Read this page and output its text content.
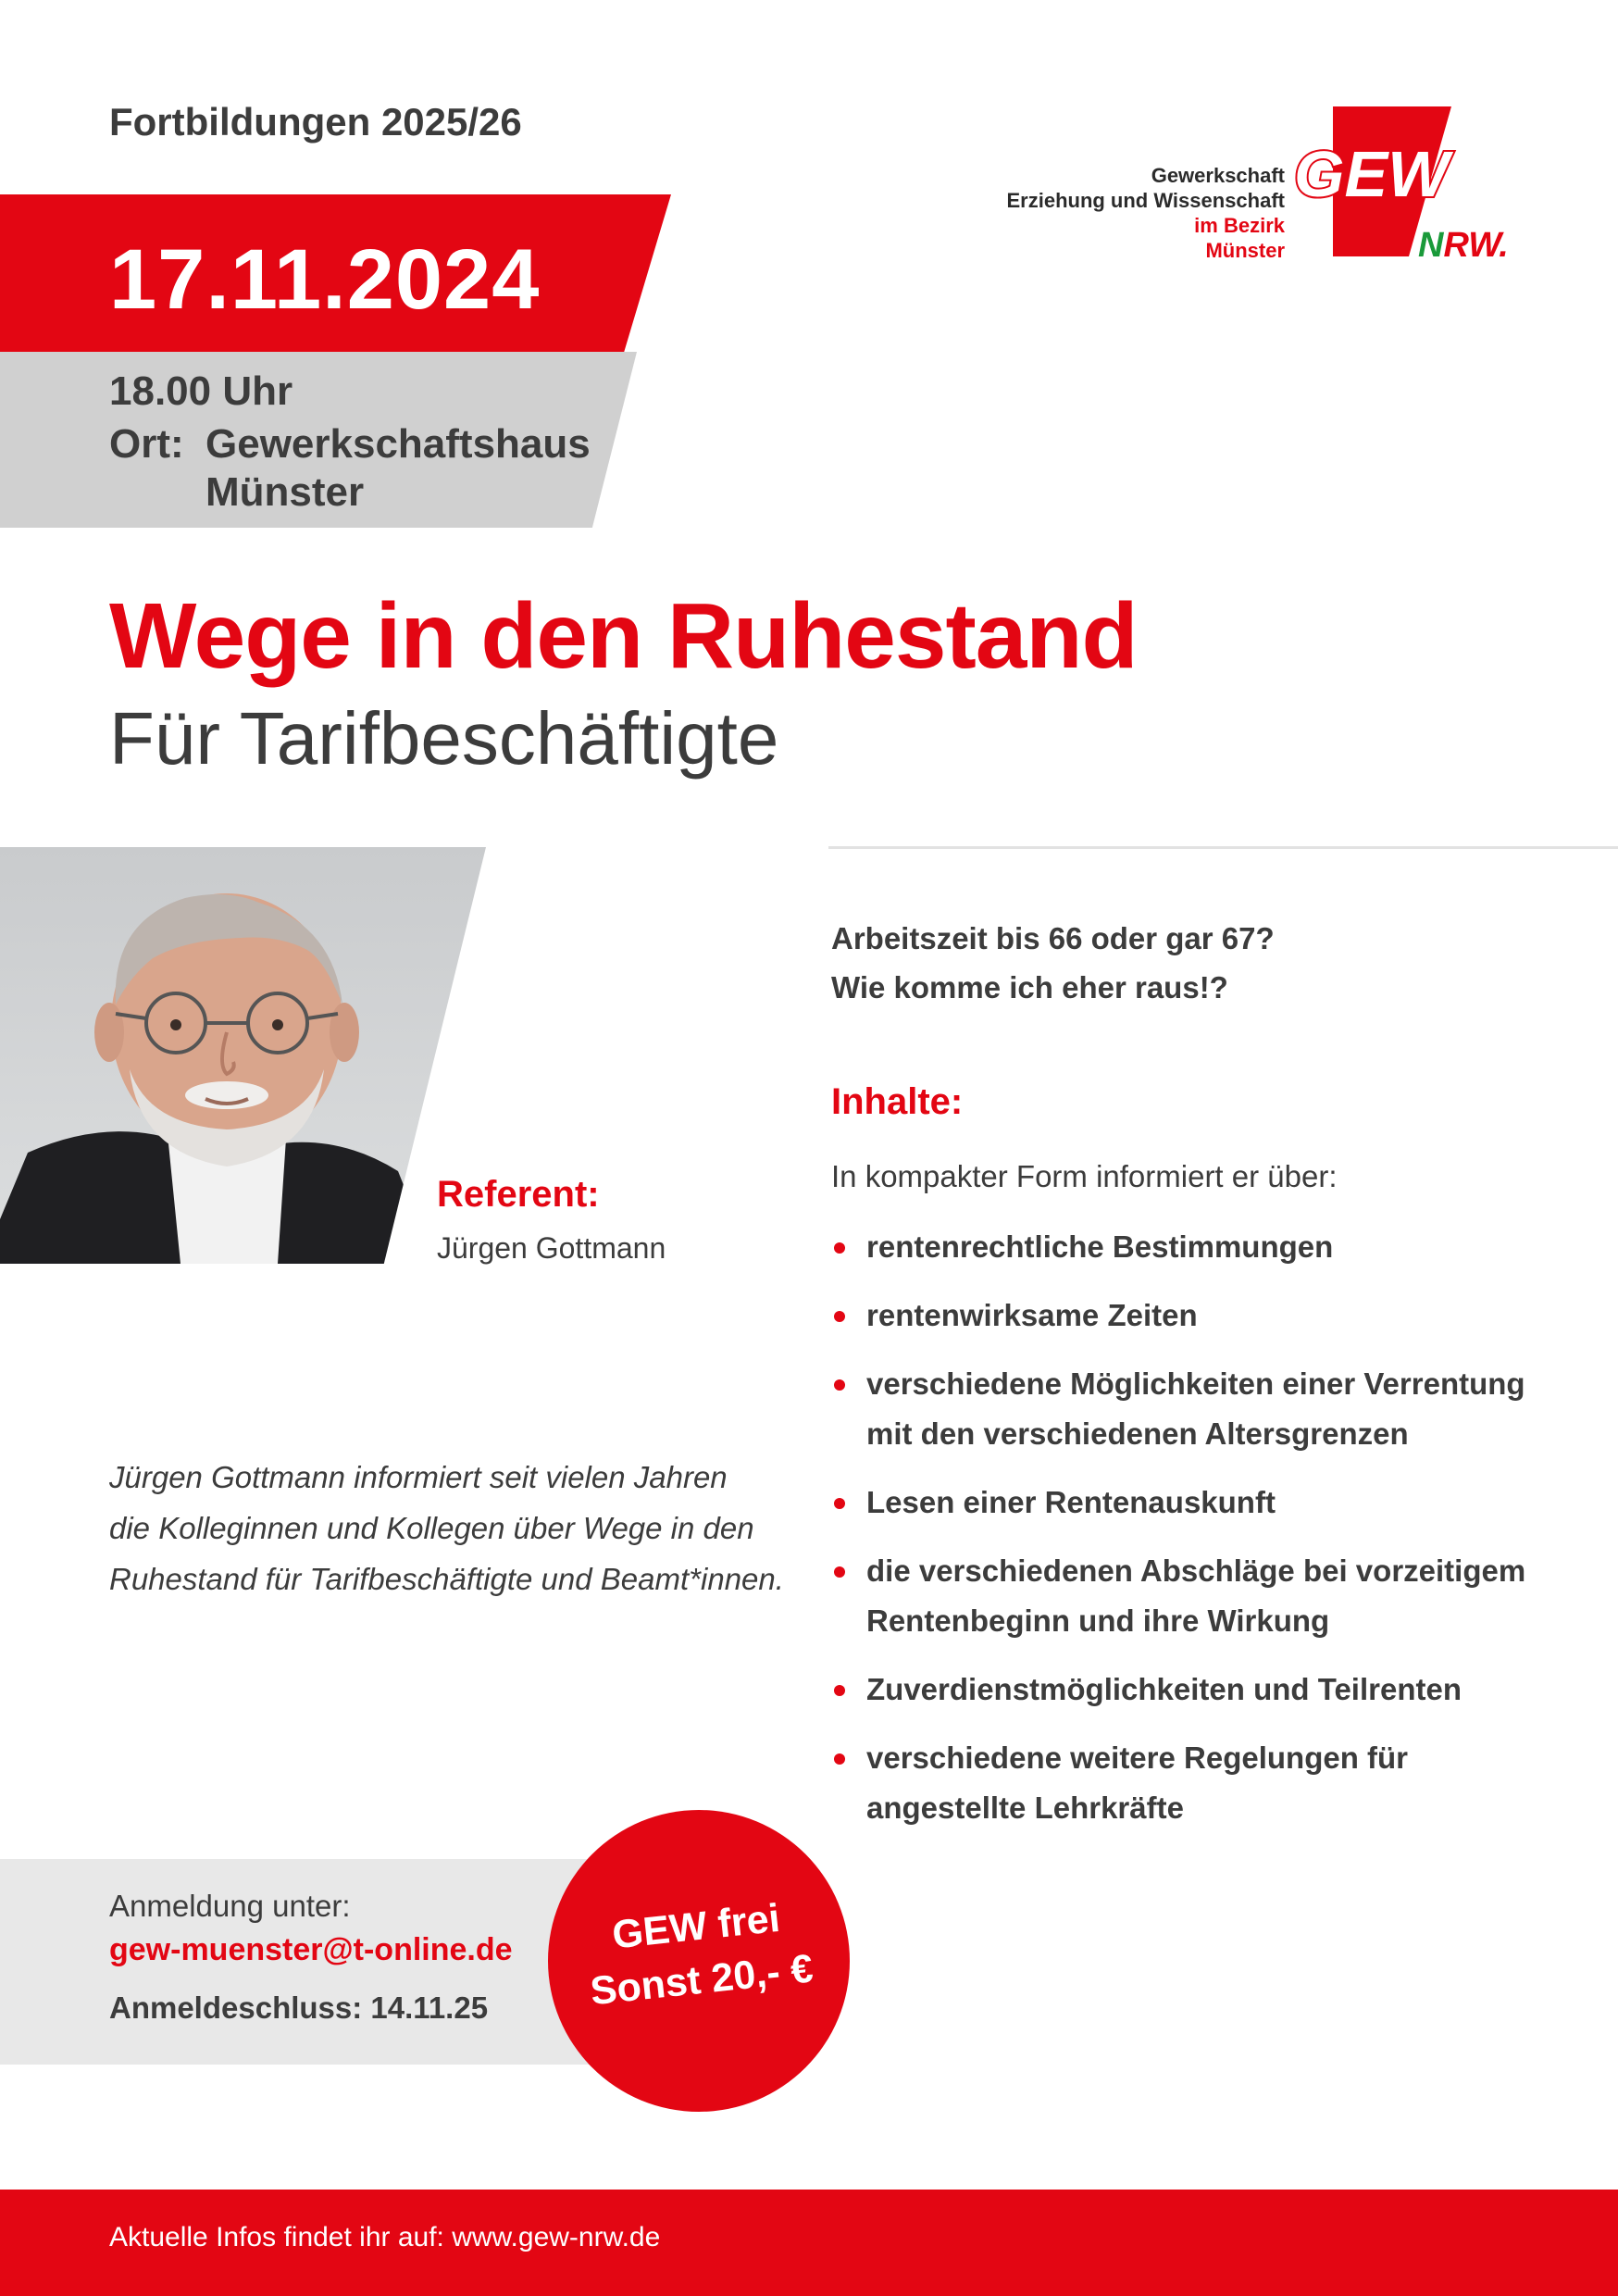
Fortbildungen 2025/26
17.11.2024
18.00 Uhr
Ort: Gewerkschaftshaus
Münster
Gewerkschaft
Erziehung und Wissenschaft
im Bezirk
Münster
GEW
NRW.
Wege in den Ruhestand
Für Tarifbeschäftigte
Referent:
Jürgen Gottmann
Jürgen Gottmann informiert seit vielen Jahren
die Kolleginnen und Kollegen über Wege in den
Ruhestand für Tarifbeschäftigte und Beamt*innen.
Arbeitszeit bis 66 oder gar 67?
Wie komme ich eher raus!?
Inhalte:
In kompakter Form informiert er über:
rentenrechtliche Bestimmungen
rentenwirksame Zeiten
verschiedene Möglichkeiten einer Verrentung mit den verschiedenen Altersgrenzen
Lesen einer Rentenauskunft
die verschiedenen Abschläge bei vorzeitigem Rentenbeginn und ihre Wirkung
Zuverdienstmöglichkeiten und Teilrenten
verschiedene weitere Regelungen für angestellte Lehrkräfte
Anmeldung unter:
gew-muenster@t-online.de
Anmeldeschluss: 14.11.25
GEW frei
Sonst 20,- €
Aktuelle Infos findet ihr auf: www.gew-nrw.de
